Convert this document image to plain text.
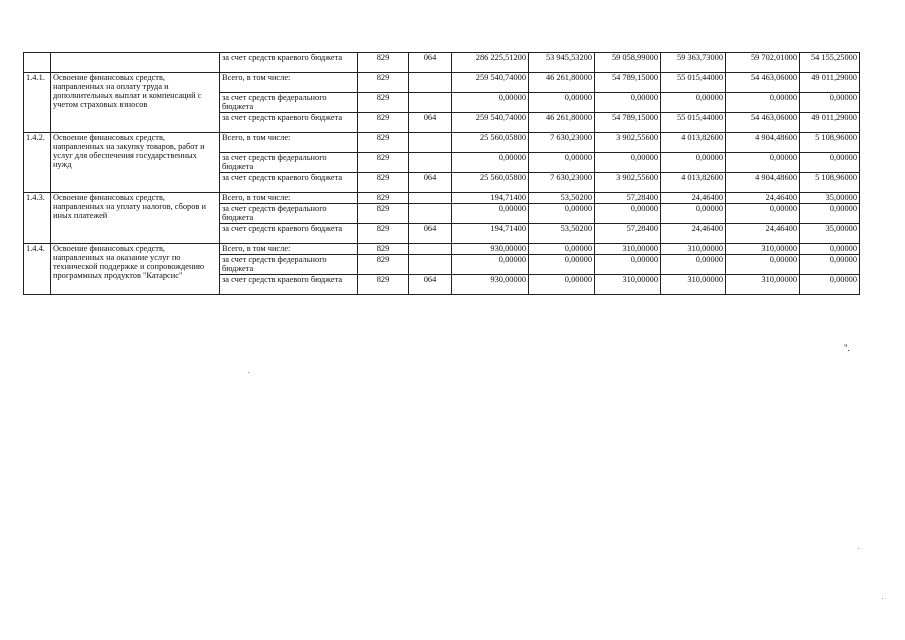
		за счет средств краевого бюджета	829	064	286 225,51200	53 945,53200	59 058,99000	59 363,73000	59 702,01000	54 155,25000
1.4.1.	Освоение финансовых средств, направленных на оплату труда и дополнительных выплат и компенсаций с учетом страховых взносов	Всего, в том числе:	829		259 540,74000	46 261,80000	54 789,15000	55 015,44000	54 463,06000	49 011,29000
		за счет средств федерального бюджета	829		0,00000	0,00000	0,00000	0,00000	0,00000	0,00000
		за счет средств краевого бюджета	829	064	259 540,74000	46 261,80000	54 789,15000	55 015,44000	54 463,06000	49 011,29000
1.4.2.	Освоение финансовых средств, направленных на закупку товаров, работ и услуг для обеспечения государственных нужд	Всего, в том числе:	829		25 560,05800	7 630,23000	3 902,55600	4 013,82600	4 904,48600	5 108,96000
		за счет средств федерального бюджета	829		0,00000	0,00000	0,00000	0,00000	0,00000	0,00000
		за счет средств краевого бюджета	829	064	25 560,05800	7 630,23000	3 902,55600	4 013,82600	4 904,48600	5 108,96000
1.4.3.	Освоение финансовых средств, направленных на уплату налогов, сборов и иных платежей	Всего, в том числе:	829		194,71400	53,50200	57,28400	24,46400	24,46400	35,00000
		за счет средств федерального бюджета	829		0,00000	0,00000	0,00000	0,00000	0,00000	0,00000
		за счет средств краевого бюджета	829	064	194,71400	53,50200	57,28400	24,46400	24,46400	35,00000
1.4.4.	Освоение финансовых средств, направленных на оказание услуг по технической поддержке и сопровождению программных продуктов "Катарсис"	Всего, в том числе:	829		930,00000	0,00000	310,00000	310,00000	310,00000	0,00000
		за счет средств федерального бюджета	829		0,00000	0,00000	0,00000	0,00000	0,00000	0,00000
		за счет средств краевого бюджета	829	064	930,00000	0,00000	310,00000	310,00000	310,00000	0,00000
".
